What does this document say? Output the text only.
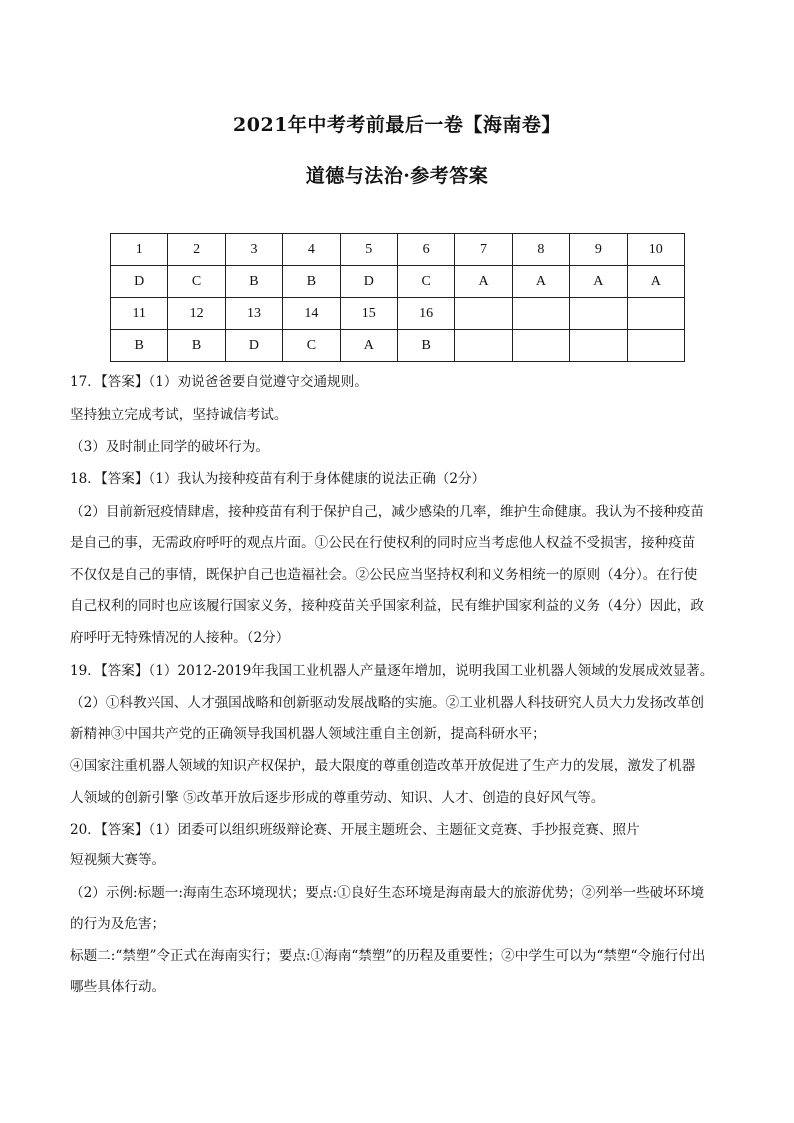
2021年中考考前最后一卷【海南卷】
道德与法治·参考答案
1	2	3	4	5	6	7	8	9	10
D	C	B	B	D	C	A	A	A	A
11	12	13	14	15	16				
B	B	D	C	A	B				
17．【答案】（1）劝说爸爸要自觉遵守交通规则。
坚持独立完成考试，坚持诚信考试。
（3）及时制止同学的破坏行为。
18．【答案】（1）我认为接种疫苗有利于身体健康的说法正确（2分）
（2）目前新冠疫情肆虐，接种疫苗有利于保护自己，减少感染的几率，维护生命健康。我认为不接种疫苗
是自己的事，无需政府呼吁的观点片面。①公民在行使权利的同时应当考虑他人权益不受损害，接种疫苗
不仅仅是自己的事情，既保护自己也造福社会。②公民应当坚持权利和义务相统一的原则（4分）。在行使
自己权利的同时也应该履行国家义务，接种疫苗关乎国家利益，民有维护国家利益的义务（4分）因此，政
府呼吁无特殊情况的人接种。（2分）
19．【答案】（1）2012-2019年我国工业机器人产量逐年增加，说明我国工业机器人领域的发展成效显著。
（2）①科教兴国、人才强国战略和创新驱动发展战略的实施。②工业机器人科技研究人员大力发扬改革创
新精神③中国共产党的正确领导我国机器人领域注重自主创新，提高科研水平；
④国家注重机器人领域的知识产权保护，最大限度的尊重创造改革开放促进了生产力的发展，激发了机器
人领域的创新引擎 ⑤改革开放后逐步形成的尊重劳动、知识、人才、创造的良好风气等。
20．【答案】（1）团委可以组织班级辩论赛、开展主题班会、主题征文竞赛、手抄报竞赛、照片
短视频大赛等。
（2）示例:标题一:海南生态环境现状；要点:①良好生态环境是海南最大的旅游优势；②列举一些破坏环境
的行为及危害；
标题二:“禁塑”令正式在海南实行；要点:①海南“禁塑”的历程及重要性；②中学生可以为“禁塑“令施行付出
哪些具体行动。
